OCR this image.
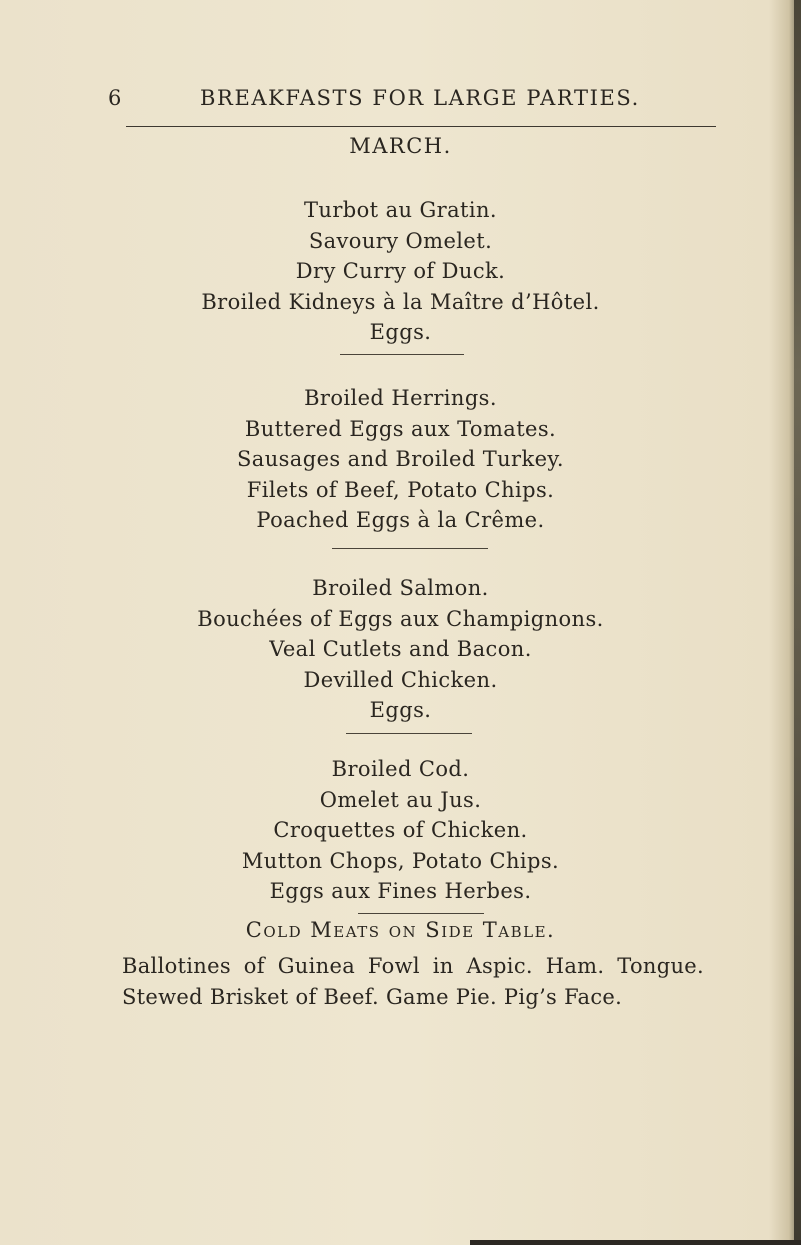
6	BREAKFASTS FOR LARGE PARTIES.
MARCH.
Turbot au Gratin.
Savoury Omelet.
Dry Curry of Duck.
Broiled Kidneys à la Maître d’Hôtel.
Eggs.
Broiled Herrings.
Buttered Eggs aux Tomates.
Sausages and Broiled Turkey.
Filets of Beef, Potato Chips.
Poached Eggs à la Crême.
Broiled Salmon.
Bouchées of Eggs aux Champignons.
Veal Cutlets and Bacon.
Devilled Chicken.
Eggs.
Broiled Cod.
Omelet au Jus.
Croquettes of Chicken.
Mutton Chops, Potato Chips.
Eggs aux Fines Herbes.
Cold Meats on Side Table.
Ballotines of Guinea Fowl in Aspic. Ham. Tongue. Stewed Brisket of Beef. Game Pie. Pig’s Face.
